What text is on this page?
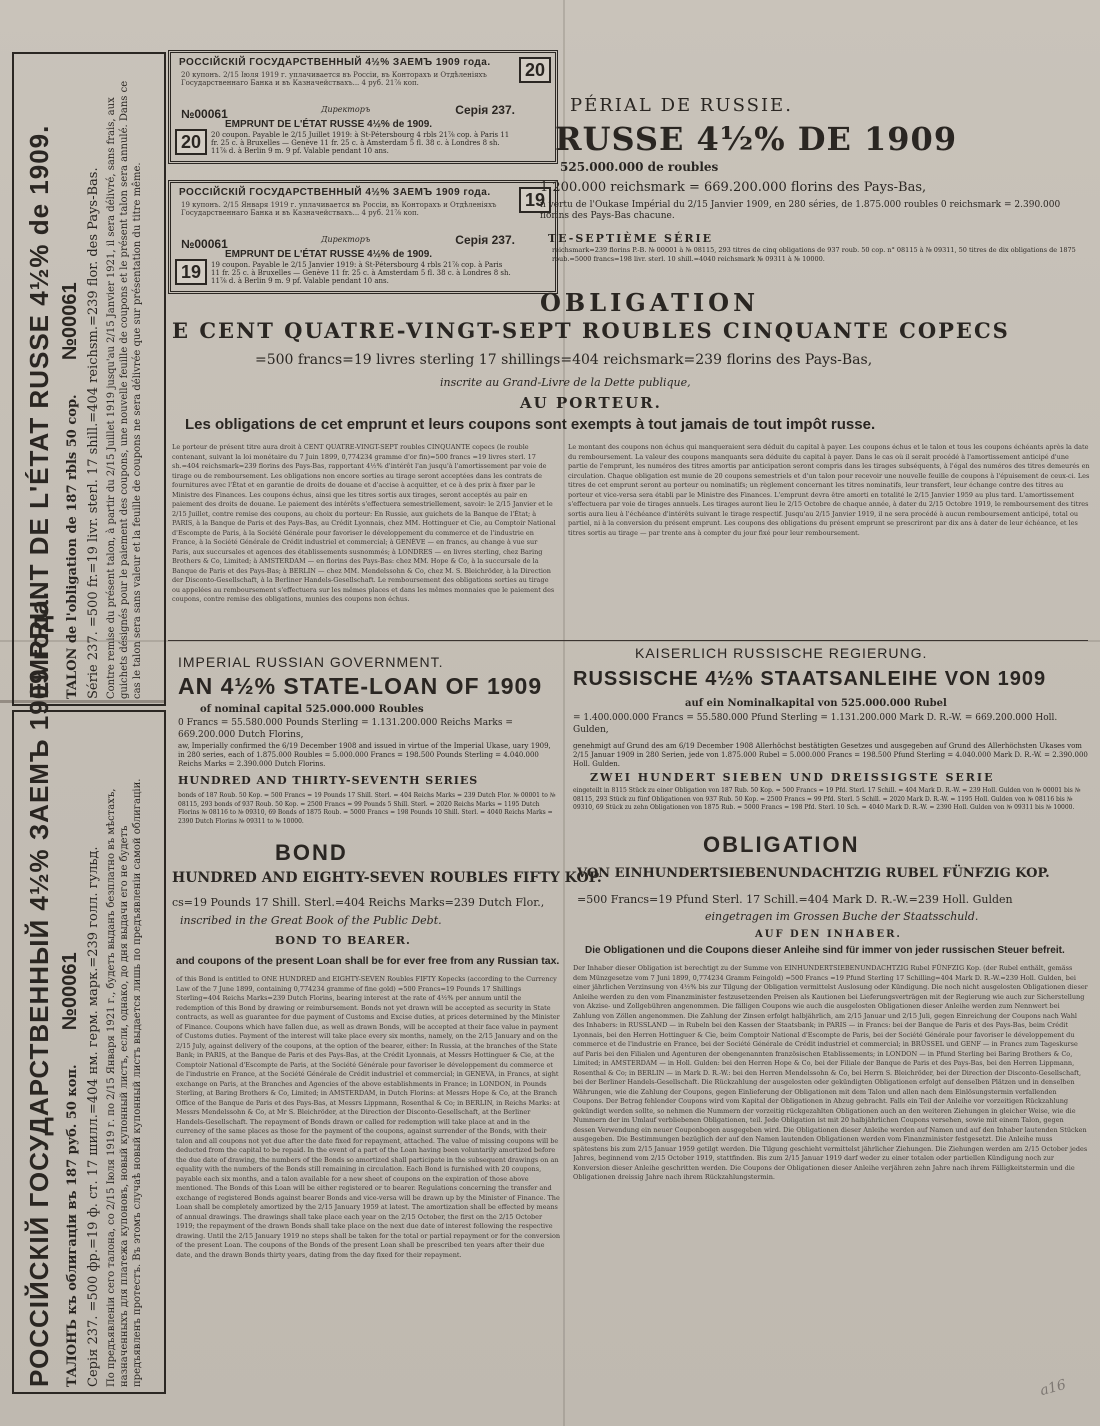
EMPRUNT DE L'ÉTAT RUSSE 4½% de 1909. TALON de l'obligation de 187 rbls 50 cop. №00061
Série 237. =500 fr.=19 livr. sterl. 17 shill.=404 reichsm.=239 flor. des Pays-Bas. Contre remise du présent talon, à partir du 2/15 Juillet 1919 jusqu'au 2/15 Janvier 1921, il sera délivré, sans frais, aux guichets désignés pour le paiement des coupons, une nouvelle feuille de coupons et le présent talon sera annulé. Dans ce cas le talon sera sans valeur et la feuille de coupons ne sera délivrée que sur présentation du titre même.
РОССІЙСКІЙ ГОСУДАРСТВЕННЫЙ 4½% ЗАЕМЪ 1909 года. ТАЛОНЪ къ облигаціи въ 187 руб. 50 коп. №00061
Серія 237. =500 фр.=19 ф. ст. 17 шилл.=404 нм. герм. марк.=239 голл. гульд. По предъявленіи сего талона, со 2/15 Іюля 1919 г. по 2/15 Января 1921 г., будетъ выданъ безплатно въ мѣстахъ, назначенныхъ для платежа купоновъ, новый купонный листъ, если, однако, до дня выдачи его не будетъ предъявленъ протестъ. Въ этомъ случаѣ новый купонный листъ выдается лишь по предъявленіи самой облигаціи.
РОССІЙСКІЙ ГОСУДАРСТВЕННЫЙ 4½% ЗАЕМЪ 1909 года.	20
20 купонъ. 2/15 Іюля 1919 г. уплачивается въ Россіи, въ Конторахъ и Отдѣленіяхъ Государственнаго Банка и въ Казначействахъ... 4 руб. 21⅞ коп.
№00061	Директоръ	Серія 237.
EMPRUNT DE L'ÉTAT RUSSE 4½% de 1909.
20 coupon. Payable le 2/15 Juillet 1919: à St-Pétersbourg 4 rbls 21⅞ cop. à Paris 11 fr. 25 c. à Bruxelles — Genève 11 fr. 25 c. à Amsterdam 5 fl. 38 c. à Londres 8 sh. 11⅞ d. à Berlin 9 m. 9 pf. Valable pendant 10 ans.
20
РОССІЙСКІЙ ГОСУДАРСТВЕННЫЙ 4½% ЗАЕМЪ 1909 года.	19
19 купонъ. 2/15 Января 1919 г. уплачивается въ Россіи, въ Конторахъ и Отдѣленіяхъ Государственнаго Банка и въ Казначействахъ... 4 руб. 21⅞ коп.
№00061	Директоръ	Серія 237.
EMPRUNT DE L'ÉTAT RUSSE 4½% de 1909.
19 coupon. Payable le 2/15 Janvier 1919: à St-Pétersbourg 4 rbls 21⅞ cop. à Paris 11 fr. 25 c. à Bruxelles — Genève 11 fr. 25 c. à Amsterdam 5 fl. 38 c. à Londres 8 sh. 11⅞ d. à Berlin 9 m. 9 pf. Valable pendant 10 ans.
19
PÉRIAL DE RUSSIE.
RUSSE 4½% DE 1909
525.000.000 de roubles
1.200.000 reichsmark = 669.200.000 florins des Pays-Bas,
n vertu de l'Oukase Impérial du 2/15 Janvier 1909, en 280 séries, de 1.875.000 roubles 0 reichsmark = 2.390.000 florins des Pays-Bas chacune.
TE-SEPTIÈME SÉRIE
reichsmark=239 florins P.-B. № 00001 à № 08115, 293 titres de cinq obligations de 937 roub. 50 cop. n° 08115 à № 09311, 50 titres de dix obligations de 1875 roub.=5000 francs=198 livr. sterl. 10 shill.=4040 reichsmark № 09311 à № 10000.
OBLIGATION
E CENT QUATRE-VINGT-SEPT ROUBLES CINQUANTE COPECS
=500 francs=19 livres sterling 17 shillings=404 reichsmark=239 florins des Pays-Bas,
inscrite au Grand-Livre de la Dette publique,
AU PORTEUR.
Les obligations de cet emprunt et leurs coupons sont exempts à tout jamais de tout impôt russe.
Le porteur de présent titre aura droit à CENT QUATRE-VINGT-SEPT roubles CINQUANTE copecs (le rouble contenant, suivant la loi monétaire du 7 Juin 1899, 0,774234 gramme d'or fin)=500 francs =19 livres sterl. 17 sh.=404 reichsmark=239 florins des Pays-Bas, rapportant 4½% d'intérêt l'an jusqu'à l'amortissement par voie de tirage ou de remboursement. Les obligations non encore sorties au tirage seront acceptées dans les contrats de fournitures avec l'État et en garantie de droits de douane et d'accise à acquitter, et ce à des prix à fixer par le Ministre des Finances. Les coupons échus, ainsi que les titres sortis aux tirages, seront acceptés au pair en paiement des droits de douane. Le paiement des intérêts s'effectuera semestriellement, savoir: le 2/15 Janvier et le 2/15 Juillet, contre remise des coupons, au choix du porteur: En Russie, aux guichets de la Banque de l'État; à PARIS, à la Banque de Paris et des Pays-Bas, au Crédit Lyonnais, chez MM. Hottinguer et Cie, au Comptoir National d'Escompte de Paris, à la Société Générale pour favoriser le développement du commerce et de l'industrie en France, à la Société Générale de Crédit industriel et commercial; à GENÈVE — en francs, au change à vue sur Paris, aux succursales et agences des établissements susnommés; à LONDRES — en livres sterling, chez Baring Brothers & Co, Limited; à AMSTERDAM — en florins des Pays-Bas: chez MM. Hope & Co, à la succursale de la Banque de Paris et des Pays-Bas; à BERLIN — chez MM. Mendelssohn & Co, chez M. S. Bleichröder, à la Direction der Disconto-Gesellschaft, à la Berliner Handels-Gesellschaft. Le remboursement des obligations sorties au tirage ou appelées au remboursement s'effectuera sur les mêmes places et dans les mêmes monnaies que le paiement des coupons, contre remise des obligations, munies des coupons non échus.
Le montant des coupons non échus qui manqueraient sera déduit du capital à payer. Les coupons échus et le talon et tous les coupons échéants après la date du remboursement. La valeur des coupons manquants sera déduite du capital à payer. Dans le cas où il serait procédé à l'amortissement anticipé d'une partie de l'emprunt, les numéros des titres amortis par anticipation seront compris dans les tirages subséquents, à l'égal des numéros des titres demeurés en circulation. Chaque obligation est munie de 20 coupons semestriels et d'un talon pour recevoir une nouvelle feuille de coupons à l'épuisement de ceux-ci. Les titres de cet emprunt seront au porteur ou nominatifs; un règlement concernant les titres nominatifs, leur transfert, leur échange contre des titres au porteur et vice-versa sera établi par le Ministre des Finances. L'emprunt devra être amorti en totalité le 2/15 Janvier 1959 au plus tard. L'amortissement s'effectuera par voie de tirages annuels. Les tirages auront lieu le 2/15 Octobre de chaque année, à dater du 2/15 Octobre 1919, le remboursement des titres sortis aura lieu à l'échéance d'intérêts suivant le tirage respectif. Jusqu'au 2/15 Janvier 1919, il ne sera procédé à aucun remboursement anticipé, total ou partiel, ni à la conversion du présent emprunt. Les coupons des obligations du présent emprunt se prescriront par dix ans à dater de leur échéance, et les titres sortis au tirage — par trente ans à compter du jour fixé pour leur remboursement.
IMPERIAL RUSSIAN GOVERNMENT.
AN 4½% STATE-LOAN OF 1909
of nominal capital 525.000.000 Roubles
0 Francs = 55.580.000 Pounds Sterling = 1.131.200.000 Reichs Marks = 669.200.000 Dutch Florins,
aw, Imperially confirmed the 6/19 December 1908 and issued in virtue of the Imperial Ukase, uary 1909, in 280 series, each of 1.875.000 Roubles = 5.000.000 Francs = 198.500 Pounds Sterling = 4.040.000 Reichs Marks = 2.390.000 Dutch Florins.
HUNDRED AND THIRTY-SEVENTH SERIES
bonds of 187 Roub. 50 Kop. = 500 Francs = 19 Pounds 17 Shill. Sterl. = 404 Reichs Marks = 239 Dutch Flor. № 00001 to № 08115, 293 bonds of 937 Roub. 50 Kop. = 2500 Francs = 99 Pounds 5 Shill. Sterl. = 2020 Reichs Marks = 1195 Dutch Florins № 08116 to № 09310, 69 Bonds of 1875 Roub. = 5000 Francs = 198 Pounds 10 Shill. Sterl. = 4040 Reichs Marks = 2390 Dutch Florins № 09311 to № 10000.
BOND
HUNDRED AND EIGHTY-SEVEN ROUBLES FIFTY KOP.
cs=19 Pounds 17 Shill. Sterl.=404 Reichs Marks=239 Dutch Flor.,
inscribed in the Great Book of the Public Debt.
BOND TO BEARER.
and coupons of the present Loan shall be for ever free from any Russian tax.
of this Bond is entitled to ONE HUNDRED and EIGHTY-SEVEN Roubles FIFTY Kopecks (according to the Currency Law of the 7 June 1899, containing 0,774234 gramme of fine gold) =500 Francs=19 Pounds 17 Shillings Sterling=404 Reichs Marks=239 Dutch Florins, bearing interest at the rate of 4½% per annum until the redemption of this Bond by drawing or reimbursement. Bonds not yet drawn will be accepted as security in State contracts, as well as guarantee for due payment of Customs and Excise duties, at prices determined by the Minister of Finance. Coupons which have fallen due, as well as drawn Bonds, will be accepted at their face value in payment of Customs duties. Payment of the interest will take place every six months, namely, on the 2/15 January and on the 2/15 July, against delivery of the coupons, at the option of the bearer, either: In Russia, at the branches of the State Bank; in PARIS, at the Banque de Paris et des Pays-Bas, at the Crédit Lyonnais, at Messrs Hottinguer & Cie, at the Comptoir National d'Escompte de Paris, at the Société Générale pour favoriser le développement du commerce et de l'industrie en France, at the Société Générale de Crédit industriel et commercial; in GENEVA, in Francs, at sight exchange on Paris, at the Branches and Agencies of the above establishments in France; in LONDON, in Pounds Sterling, at Baring Brothers & Co, Limited; in AMSTERDAM, in Dutch Florins: at Messrs Hope & Co, at the Branch Office of the Banque de Paris et des Pays-Bas, at Messrs Lippmann, Rosenthal & Co; in BERLIN, in Reichs Marks: at Messrs Mendelssohn & Co, at Mr S. Bleichröder, at the Direction der Disconto-Gesellschaft, at the Berliner Handels-Gesellschaft. The repayment of Bonds drawn or called for redemption will take place at and in the currency of the same places as those for the payment of the coupons, against surrender of the Bonds, with their talon and all coupons not yet due after the date fixed for repayment, attached. The value of missing coupons will be deducted from the capital to be repaid. In the event of a part of the Loan having been voluntarily amortized before the due date of drawing, the numbers of the Bonds so amortized shall participate in the subsequent drawings on an equality with the numbers of the Bonds still remaining in circulation. Each Bond is furnished with 20 coupons, payable each six months, and a talon available for a new sheet of coupons on the expiration of those above mentioned. The Bonds of this Loan will be either registered or to bearer. Regulations concerning the transfer and exchange of registered Bonds against bearer Bonds and vice-versa will be drawn up by the Minister of Finance. The Loan shall be completely amortized by the 2/15 January 1959 at latest. The amortization shall be effected by means of annual drawings. The drawings shall take place each year on the 2/15 October, the first on the 2/15 October 1919; the repayment of the drawn Bonds shall take place on the next due date of interest following the respective drawing. Until the 2/15 January 1919 no steps shall be taken for the total or partial repayment or for the conversion of the present Loan. The coupons of the Bonds of the present Loan shall be prescribed ten years after their due date, and the drawn Bonds thirty years, dating from the day fixed for their repayment.
KAISERLICH RUSSISCHE REGIERUNG.
RUSSISCHE 4½% STAATSANLEIHE VON 1909
auf ein Nominalkapital von 525.000.000 Rubel
= 1.400.000.000 Francs = 55.580.000 Pfund Sterling = 1.131.200.000 Mark D. R.-W. = 669.200.000 Holl. Gulden,
genehmigt auf Grund des am 6/19 December 1908 Allerhöchst bestätigten Gesetzes und ausgegeben auf Grund des Allerhöchsten Ukases vom 2/15 Januar 1909 in 280 Serien, jede von 1.875.000 Rubel = 5.000.000 Francs = 198.500 Pfund Sterling = 4.040.000 Mark D. R.-W. = 2.390.000 Holl. Gulden.
ZWEI HUNDERT SIEBEN UND DREISSIGSTE SERIE
eingeteilt in 8115 Stück zu einer Obligation von 187 Rub. 50 Kop. = 500 Francs = 19 Pfd. Sterl. 17 Schill. = 404 Mark D. R.-W. = 239 Holl. Gulden von № 00001 bis № 08115, 293 Stück zu fünf Obligationen von 937 Rub. 50 Kop. = 2500 Francs = 99 Pfd. Sterl. 5 Schill. = 2020 Mark D. R.-W. = 1195 Holl. Gulden von № 08116 bis № 09310, 69 Stück zu zehn Obligationen von 1875 Rub. = 5000 Francs = 198 Pfd. Sterl. 10 Sch. = 4040 Mark D. R.-W. = 2390 Holl. Gulden von № 09311 bis № 10000.
OBLIGATION
VON EINHUNDERTSIEBENUNDACHTZIG RUBEL FÜNFZIG KOP.
=500 Francs=19 Pfund Sterl. 17 Schill.=404 Mark D. R.-W.=239 Holl. Gulden
eingetragen im Grossen Buche der Staatsschuld.
AUF DEN INHABER.
Die Obligationen und die Coupons dieser Anleihe sind für immer von jeder russischen Steuer befreit.
Der Inhaber dieser Obligation ist berechtigt zu der Summe von EINHUNDERTSIEBENUNDACHTZIG Rubel FÜNFZIG Kop. (der Rubel enthält, gemäss dem Münzgesetze vom 7 Juni 1899, 0,774234 Gramm Feingold) =500 Francs =19 Pfund Sterling 17 Schilling=404 Mark D. R.-W.=239 Holl. Gulden, bei einer jährlichen Verzinsung von 4½% bis zur Tilgung der Obligation vermittelst Auslosung oder Kündigung. Die noch nicht ausgelosten Obligationen dieser Anleihe werden zu den vom Finanzminister festzusetzenden Preisen als Kautionen bei Lieferungsverträgen mit der Regierung wie auch zur Sicherstellung von Akzise- und Zollgebühren angenommen. Die fälligen Coupons wie auch die ausgelosten Obligationen dieser Anleihe werden zum Nennwert bei Zahlung von Zöllen angenommen. Die Zahlung der Zinsen erfolgt halbjährlich, am 2/15 Januar und 2/15 Juli, gegen Einreichung der Coupons nach Wahl des Inhabers: in RUSSLAND — in Rubeln bei den Kassen der Staatsbank; in PARIS — in Francs: bei der Banque de Paris et des Pays-Bas, beim Crédit Lyonnais, bei den Herren Hottinguer & Cie, beim Comptoir National d'Escompte de Paris, bei der Société Générale pour favoriser le développement du commerce et de l'industrie en France, bei der Société Générale de Crédit industriel et commercial; in BRÜSSEL und GENF — in Francs zum Tageskurse auf Paris bei den Filialen und Agenturen der obengenannten französischen Etablissements; in LONDON — in Pfund Sterling bei Baring Brothers & Co, Limited; in AMSTERDAM — in Holl. Gulden: bei den Herren Hope & Co, bei der Filiale der Banque de Paris et des Pays-Bas, bei den Herren Lippmann, Rosenthal & Co; in BERLIN — in Mark D. R.-W.: bei den Herren Mendelssohn & Co, bei Herrn S. Bleichröder, bei der Direction der Disconto-Gesellschaft, bei der Berliner Handels-Gesellschaft. Die Rückzahlung der ausgelosten oder gekündigten Obligationen erfolgt auf denselben Plätzen und in denselben Währungen, wie die Zahlung der Coupons, gegen Einlieferung der Obligationen mit dem Talon und allen nach dem Einlösungstermin verfallenden Coupons. Der Betrag fehlender Coupons wird vom Kapital der Obligationen in Abzug gebracht. Falls ein Teil der Anleihe vor vorzeitigen Rückzahlung gekündigt werden sollte, so nehmen die Nummern der vorzeitig rückgezahlten Obligationen auch an den weiteren Ziehungen in gleicher Weise, wie die Nummern der im Umlauf verbliebenen Obligationen, teil. Jede Obligation ist mit 20 halbjährlichen Coupons versehen, sowie mit einem Talon, gegen dessen Verwendung ein neuer Couponbogen ausgegeben wird. Die Obligationen dieser Anleihe werden auf Namen und auf den Inhaber lautenden Stücken ausgegeben. Die Bestimmungen bezüglich der auf den Namen lautenden Obligationen werden vom Finanzminister festgesetzt. Die Anleihe muss spätestens bis zum 2/15 Januar 1959 getilgt werden. Die Tilgung geschieht vermittelst jährlicher Ziehungen. Die Ziehungen werden am 2/15 October jedes Jahres, beginnend vom 2/15 October 1919, stattfinden. Bis zum 2/15 Januar 1919 darf weder zu einer totalen oder partiellen Kündigung noch zur Konversion dieser Anleihe geschritten werden. Die Coupons der Obligationen dieser Anleihe verjähren zehn Jahre nach ihrem Fälligkeitstermin und die Obligationen dreissig Jahre nach ihrem Rückzahlungstermin.
a16
